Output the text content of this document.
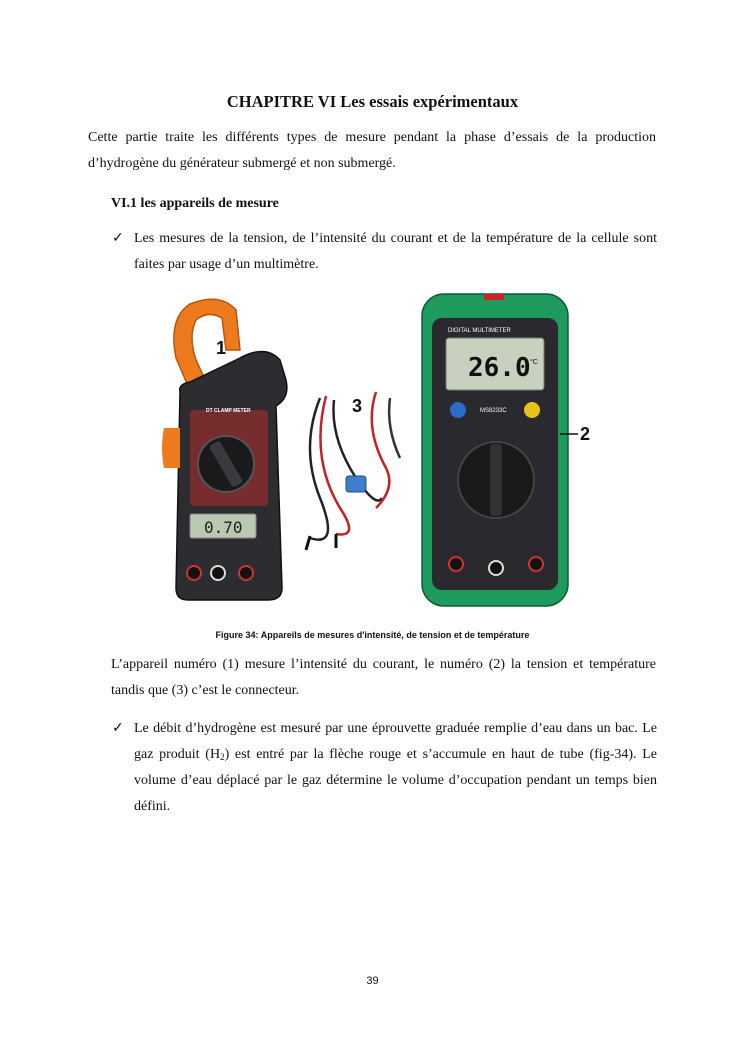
CHAPITRE VI Les essais expérimentaux
Cette partie traite les différents types de mesure pendant la phase d’essais de la production d’hydrogène du générateur submergé et non submergé.
VI.1 les appareils de mesure
✓ Les mesures de la tension, de l’intensité du courant et de la température de la cellule sont faites par usage d’un multimètre.
1
DT CLAMP METER
0.70
3
DIGITAL MULTIMETER
26.0 °C
MS8233C
2
Figure 34: Appareils de mesures d'intensité, de tension et de température
L’appareil numéro (1) mesure l’intensité du courant, le numéro (2) la tension et température tandis que (3) c’est le connecteur.
✓ Le débit d’hydrogène est mesuré par une éprouvette graduée remplie d’eau dans un bac. Le gaz produit $(H_2)$ est entré par la flèche rouge et s’accumule en haut de tube (fig-34). Le volume d’eau déplacé par le gaz détermine le volume d’occupation pendant un temps bien défini.
39
